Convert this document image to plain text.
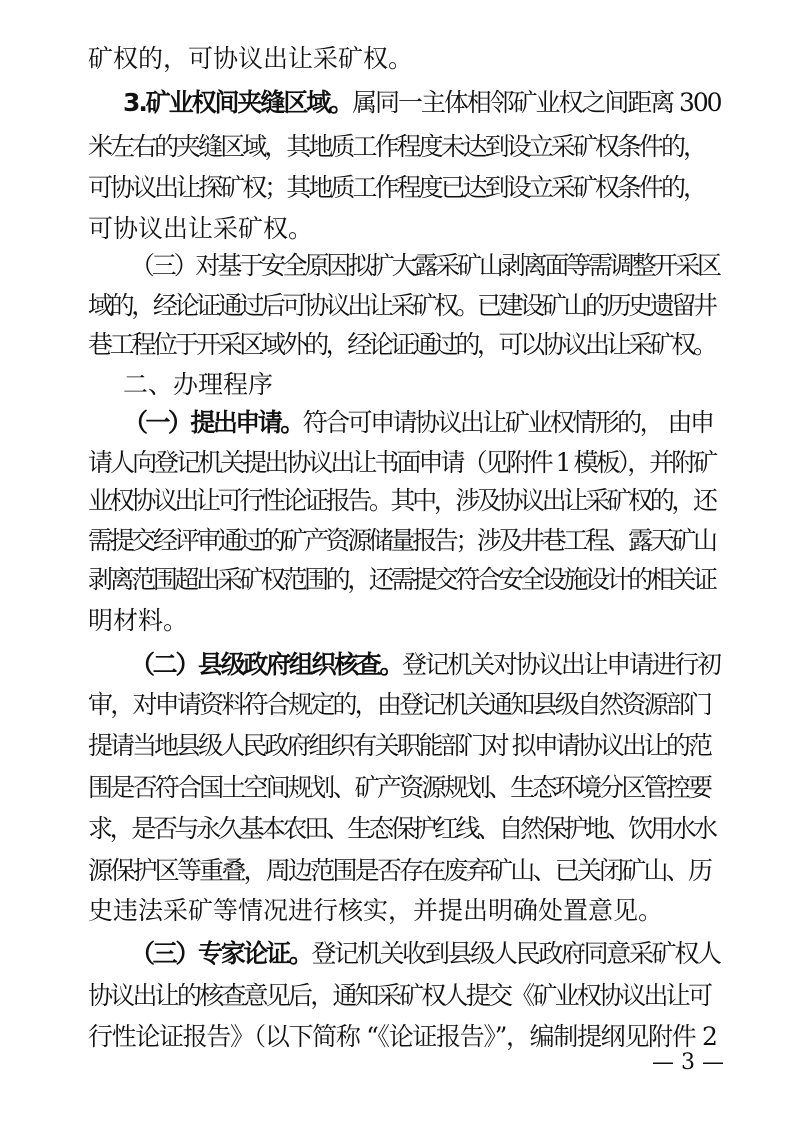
矿权的，可协议出让采矿权。
3.矿业权间夹缝区域。属同一主体相邻矿业权之间距离 300
米左右的夹缝区域，其地质工作程度未达到设立采矿权条件的，
可协议出让探矿权；其地质工作程度已达到设立采矿权条件的，
可协议出让采矿权。
（三）对基于安全原因拟扩大露采矿山剥离面等需调整开采区
域的，经论证通过后可协议出让采矿权。已建设矿山的历史遗留井
巷工程位于开采区域外的，经论证通过的，可以协议出让采矿权。
二、办理程序
（一）提出申请。符合可申请协议出让矿业权情形的， 由申
请人向登记机关提出协议出让书面申请（见附件 1 模板），并附矿
业权协议出让可行性论证报告。其中，涉及协议出让采矿权的，还
需提交经评审通过的矿产资源储量报告；涉及井巷工程、露天矿山
剥离范围超出采矿权范围的，还需提交符合安全设施设计的相关证
明材料。
（二）县级政府组织核查。登记机关对协议出让申请进行初
审，对申请资料符合规定的，由登记机关通知县级自然资源部门
提请当地县级人民政府组织有关职能部门对 拟申请协议出让的范
围是否符合国土空间规划、矿产资源规划、生态环境分区管控要
求，是否与永久基本农田、生态保护红线、自然保护地、饮用水水
源保护区等重叠，周边范围是否存在废弃矿山、已关闭矿山、历
史违法采矿等情况进行核实，并提出明确处置意见。
（三）专家论证。登记机关收到县级人民政府同意采矿权人
协议出让的核查意见后，通知采矿权人提交《矿业权协议出让可
行性论证报告》（以下简称 “《论证报告》”，编制提纲见附件 2
— 3 —
